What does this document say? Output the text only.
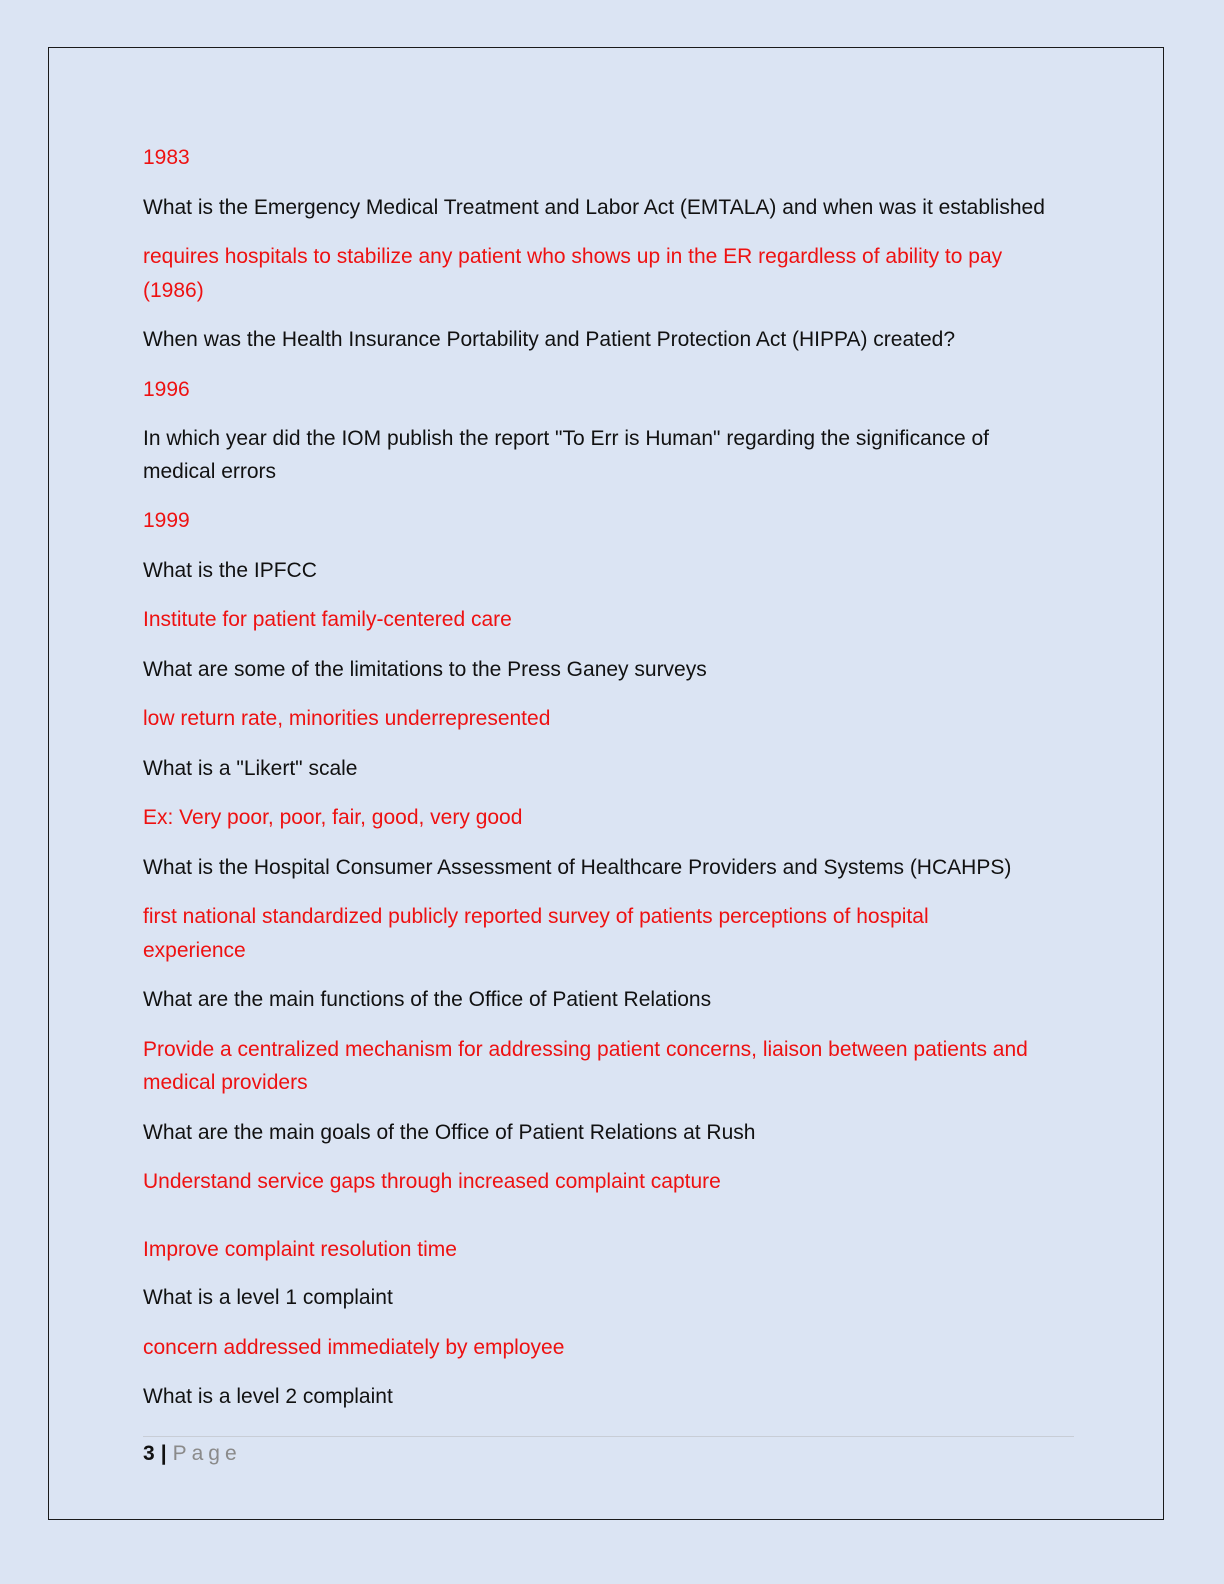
1983
What is the Emergency Medical Treatment and Labor Act (EMTALA) and when was it established
requires hospitals to stabilize any patient who shows up in the ER regardless of ability to pay
(1986)
When was the Health Insurance Portability and Patient Protection Act (HIPPA) created?
1996
In which year did the IOM publish the report "To Err is Human" regarding the significance of
medical errors
1999
What is the IPFCC
Institute for patient family-centered care
What are some of the limitations to the Press Ganey surveys
low return rate, minorities underrepresented
What is a "Likert" scale
Ex: Very poor, poor, fair, good, very good
What is the Hospital Consumer Assessment of Healthcare Providers and Systems (HCAHPS)
first national standardized publicly reported survey of patients perceptions of hospital
experience
What are the main functions of the Office of Patient Relations
Provide a centralized mechanism for addressing patient concerns, liaison between patients and
medical providers
What are the main goals of the Office of Patient Relations at Rush
Understand service gaps through increased complaint capture
Improve complaint resolution time
What is a level 1 complaint
concern addressed immediately by employee
What is a level 2 complaint
3 | Page
